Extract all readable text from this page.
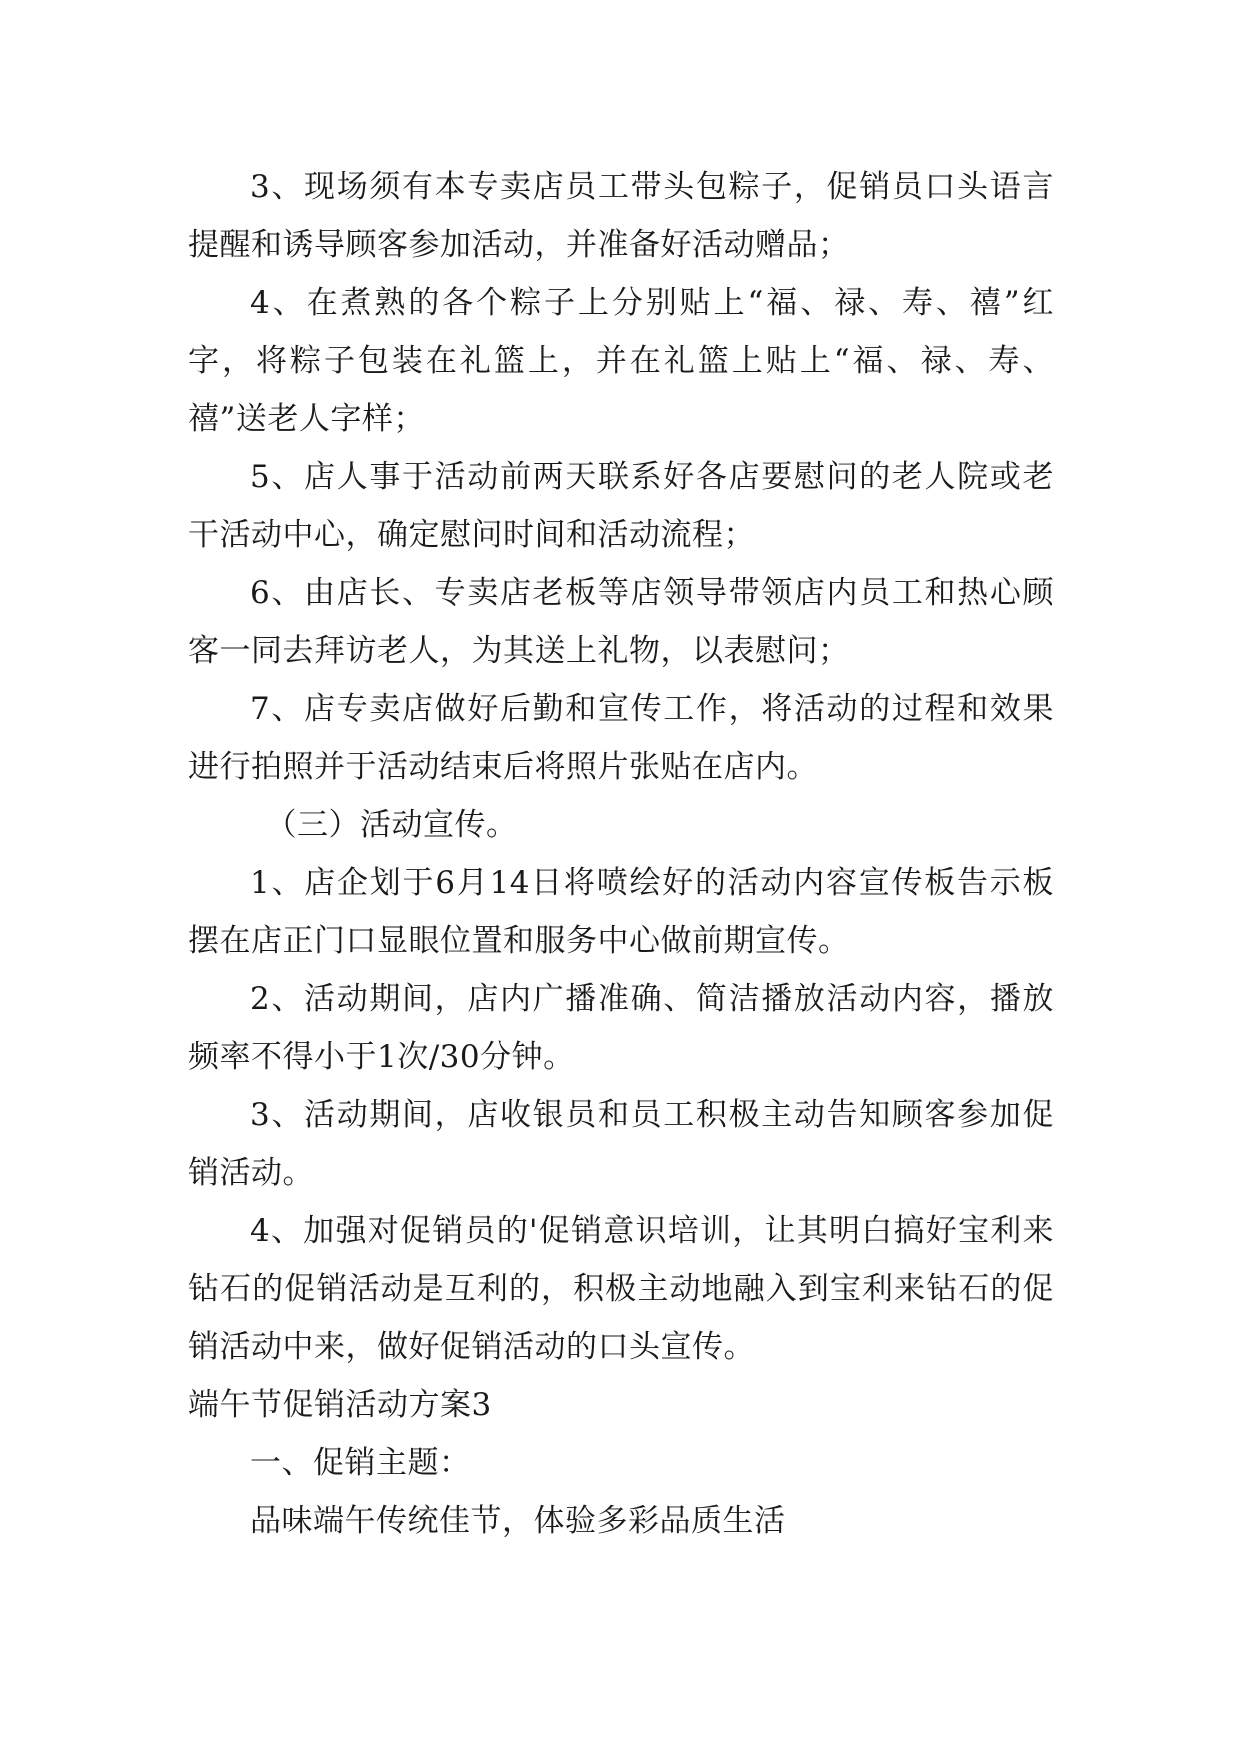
3、现场须有本专卖店员工带头包粽子，促销员口头语言提醒和诱导顾客参加活动，并准备好活动赠品；

4、在煮熟的各个粽子上分别贴上“福、禄、寿、禧”红字，将粽子包装在礼篮上，并在礼篮上贴上“福、禄、寿、禧”送老人字样；

5、店人事于活动前两天联系好各店要慰问的老人院或老干活动中心，确定慰问时间和活动流程；

6、由店长、专卖店老板等店领导带领店内员工和热心顾客一同去拜访老人，为其送上礼物，以表慰问；

7、店专卖店做好后勤和宣传工作，将活动的过程和效果进行拍照并于活动结束后将照片张贴在店内。

（三）活动宣传。

1、店企划于6月14日将喷绘好的活动内容宣传板告示板摆在店正门口显眼位置和服务中心做前期宣传。

2、活动期间，店内广播准确、简洁播放活动内容，播放频率不得小于1次/30分钟。

3、活动期间，店收银员和员工积极主动告知顾客参加促销活动。

4、加强对促销员的'促销意识培训，让其明白搞好宝利来钻石的促销活动是互利的，积极主动地融入到宝利来钻石的促销活动中来，做好促销活动的口头宣传。

端午节促销活动方案3

一、促销主题：

品味端午传统佳节，体验多彩品质生活
